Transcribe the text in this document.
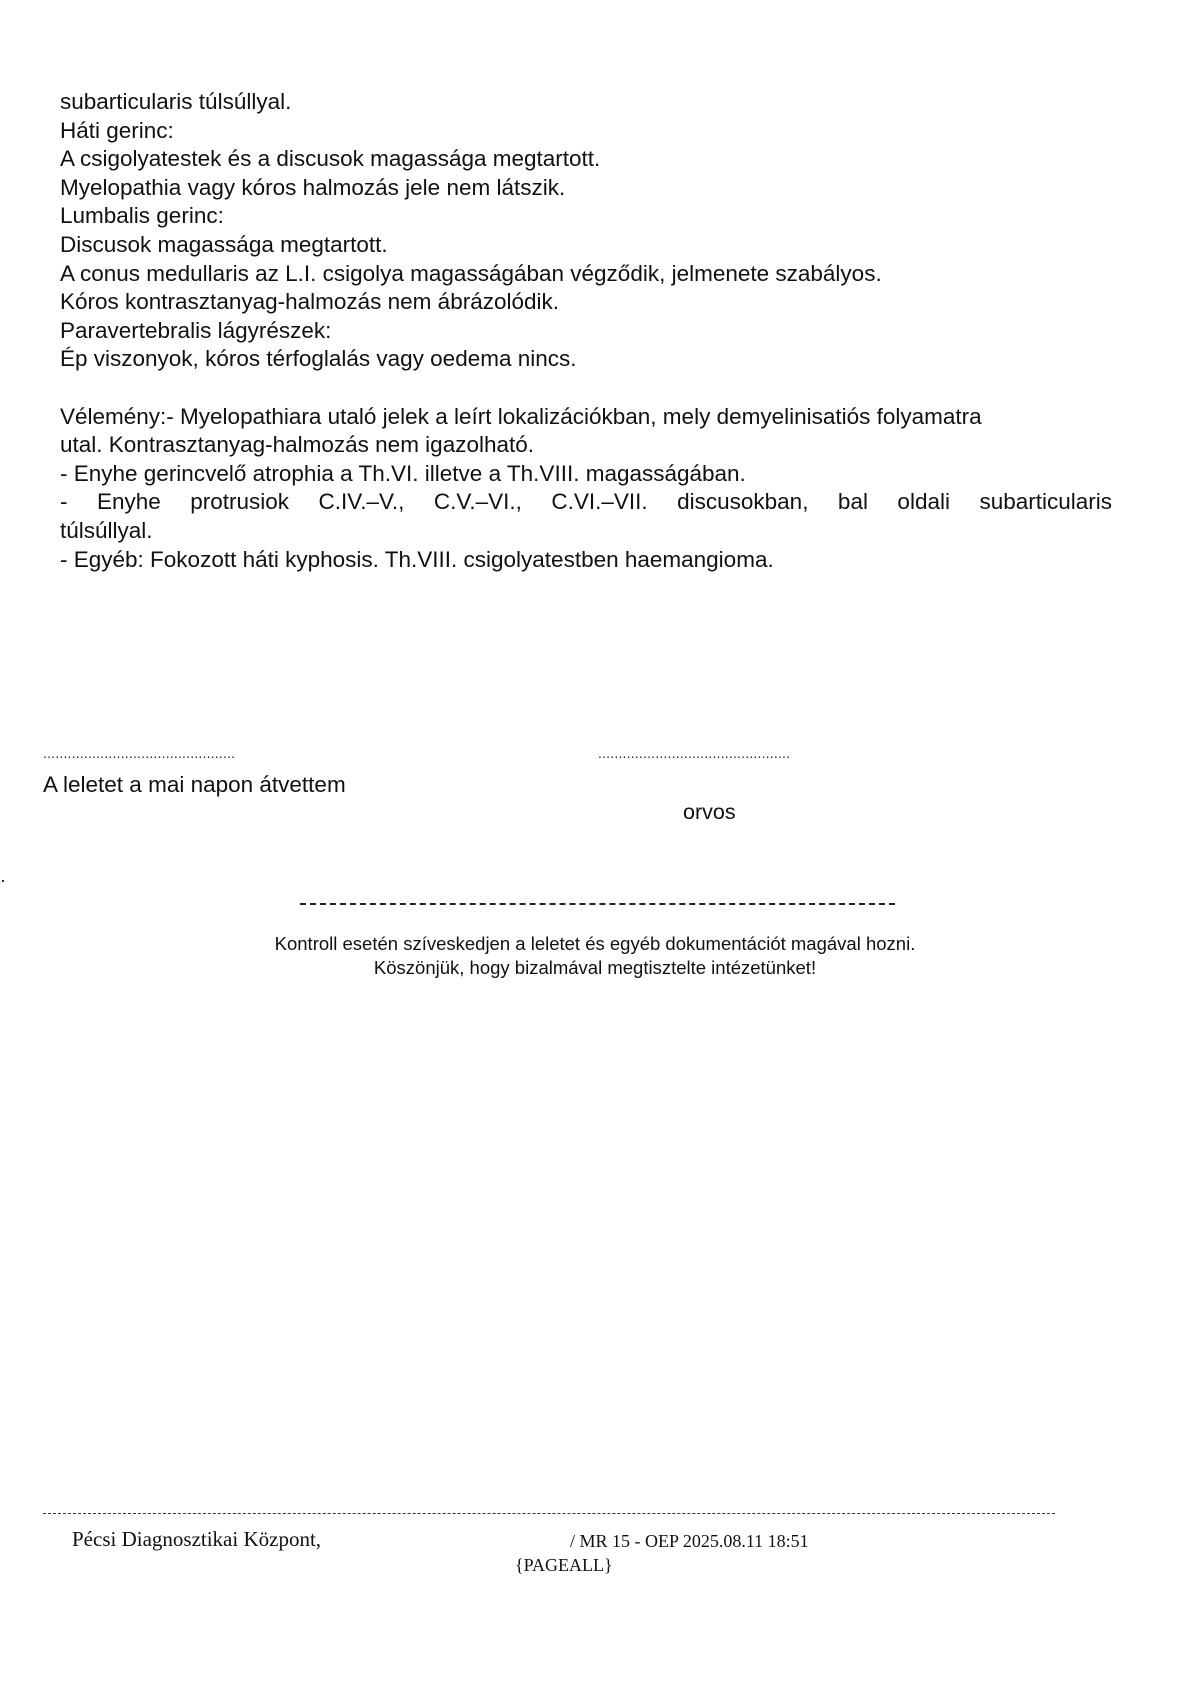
subarticularis túlsúllyal.
Háti gerinc:
A csigolyatestek és a discusok magassága megtartott.
Myelopathia vagy kóros halmozás jele nem látszik.
Lumbalis gerinc:
Discusok magassága megtartott.
A conus medullaris az L.I. csigolya magasságában végződik, jelmenete szabályos.
Kóros kontrasztanyag-halmozás nem ábrázolódik.
Paravertebralis lágyrészek:
Ép viszonyok, kóros térfoglalás vagy oedema nincs.
Vélemény:- Myelopathiara utaló jelek a leírt lokalizációkban, mely demyelinisatiós folyamatra
utal. Kontrasztanyag-halmozás nem igazolható.
- Enyhe gerincvelő atrophia a Th.VI. illetve a Th.VIII. magasságában.
- Enyhe protrusiok C.IV.–V., C.V.–VI., C.VI.–VII. discusokban, bal oldali subarticularis
túlsúllyal.
- Egyéb: Fokozott háti kyphosis. Th.VIII. csigolyatestben haemangioma.
...............................................	...............................................
A leletet a mai napon átvettem
orvos
Kontroll esetén szíveskedjen a leletet és egyéb dokumentációt magával hozni.
Köszönjük, hogy bizalmával megtisztelte intézetünket!
Pécsi Diagnosztikai Központ,	/ MR 15 - OEP 2025.08.11 18:51
{PAGEALL}
